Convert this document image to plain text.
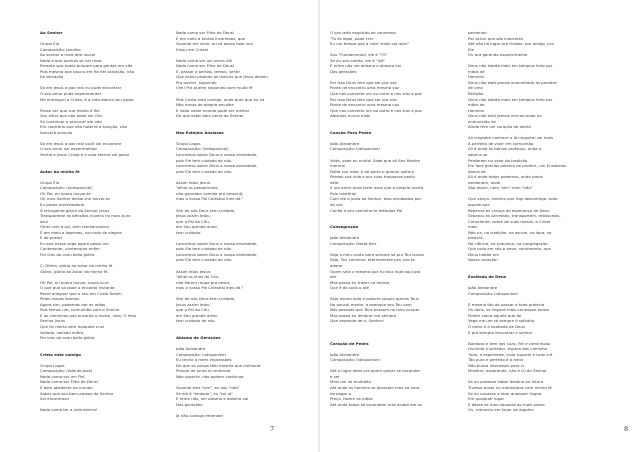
Ao Senhor
Grupo Élo
Composição: Jandiho
Ao senhor a mais alto louvor
Nada a que queiras se ver mais
Perante que todos buscam para gentes em vão
Pois mesmo que pouco em Ho fiel salvação, não
há salvação
Só em Jesus a paz real eu pude encontrar
O seu amor pude experimentar
Me entreguei a Cristo, é a vida eterna sou gozar
Posso ver que sua Hóstia é fiel
Vou olhar que não pode ser Céu
Se continuar a procurar em vão
Em contrário que não hoterra a solução, não
houverá solução
Só em Jesus a paz real você vai encontrar
O seu amor vai experimentar
Venha a Jesus Cristo e a vida eterna vai gozar
Autor da minha fé
Grupo Élo
Composição: (Indisponível)
Oh Pai, eu quero louvar-te
Oh meu Senhor deixar-me louvar-te
Eu posso mereciadorar
A reluzgente glória do Senhor Jesus
Transparente as bênçãos nuvens no mais puro
azul
Olhei com o sol, sem reerkencidora,
É em meio a lágrimas, surrindo de alegria
E de prazer
Eu que nesse sego agora posso ver
Contemplar, contemplar enfim
Por trás do ceou bello glória
C: Glória, glória ao autor da minha fé
Glória, glória ao Autor da minha fé.
Oh Pai, eu quero louvar, louvá-lo-ei
O que que só pode o encanto instante
Revel aneguar que o seu em Cristo Salem
Pelas mesas ânimas
Agora sim, podemos dar as mãos
Pois temos um, comunhão com o Senhor
E os caminhos que encanta a morte, vida, O meu
Senhor Jesus
Que foi morto sem maquela cruz
Vallade, vallada enfim,
Por trás do ceou bello glória
Cristo está comigo
Grupo Logos
Composição: (Adauto José)
Nada como ser um Fiel
Nada como ser Filho de Deus!
E bem obedecer ao mundo
Saber que sou bem-ambas do Senhor
Sei encontrasn
Nada como ter a vida eterna!
Nada como ser Filho de Deus!
E em meio a tantas incertezas, que
Quando me sinto, eu só posso falar seu
Estou em Cristo!
Nada como ser um servo útil
Nada como ser Filho de Deus!
E, passar a perdas, temos, sentir
Que estou pisando as marcas que Jesus deixou
Pro querer, seguindo
Vim! Pra querer seguindo com muita fé
Pois Cristo está comigo, onde quer que eu vá
Não havas de alegria encolhe
E nada neste mundo pode ser melhor
Do que estar bem perto do Senhor
Não Estejais Ansiosos
Grupo Logos
Composição: (Indisponível)
Lancemos sobre Deus a nossa ansiedade,
pois Ele tem cuidado de nós.
Lancemos sobre Deus a nossa ansiedade,
pois Ele tem cuidado de nós.
Assim falou Jesus:
"olhai as passarinhas,
não guardam comida pra amanhã,
mas o vosso Pai Celestial lhes dá."
Sim de nós Deus tem cuidado,
Jesus assim falou,
que o Pai do Céu,
em Seu grande amor,
tem cuidado.
Lancemos sobre Deus a nossa ansiedade,
pois Ele tem cuidado de nós.
Lancemos sobre Deus a nossa ansiedade,
pois Ele tem cuidado de nós.
Assim falou Jesus:
"olhai os lírios do Céu,
não fiarem roupa pra vestir,
mas o vosso Pai Celestial lhes dá."
Sim de nós Deus tem cuidado,
Jesus assim falou,
que o Pai do Céu,
em Seu grande amor,
tem cuidado de nós.
Abismo de Gerações
João Alexandre
Composição: Indisponível
Eu tenho a mem impressões
De que as coisas têm mesmo que melhorar
Porque de junto eu entendo
Não suporta, não podem continuar
Quando eles "sim", eu sou "não"
Se ele é "embalo", eu "tal lá"
E entre nós, um abismo e abismo vai
Das gerações
Já não consigo entender
7
O seu jeito esquisito de conversar
"Tu és legal, pode crer
Eu um tempo que a vida "mais vai rolar"
Sou "Fundamental, ele é "TS"
Se eu sou careta, ele é "ijiã"
E entre nós um abismo o abismo vai
Das gerações
Por isso Deus tem que ser pra nós
Ponte de encontro uma mesma voz
Que nos converte um ao outro e nos traz a paz
Por isso Deus tem que ser pra nós
Ponte de encontro uma mesma voz
Que nos converte um ao outro e nos traz a paz
Abismos nunca mais
Canção Para Pedro
João Alexandre
Composição: Indisponível
Volta, sabe eu muito! Sabe que ali Seu Mestre
morreu!
Deita sua mão, e de perto o quanto sofreu!
Perdeu sua vida e por suas fraquezas pediu
dele.
E um amor mais forte mais que a própria morte,
Pelo mistério!
Com ela o justo ao Senhor, elos perdoados por
de vez
Confia a seu caminho te métodos Pai
Consagração
João Alexandre
Composição: Marta Kerr
Seja o meu canto para sempre só pro Teu louvor
Seja, Teu caminho, eternamente pra, pra te
adorar
Quem seja o mesmo que tu teus hoje aqui pra
dar
Mas possa eu trazer na mente,
Que é do sues o até
Seja minha vida a palavra saquis queres Teus
No poucal mente, o exemplo seu Teu vem
Nas pessoas que Teus possam na meu ocupar
Mas possa eu lembrar me sempre
Que depende de ti, Senhor!
Coração de Pedra
João Alexandre
Composição: Indisponível
Até o lugar ideal pra quem quiser se esconder
e ser
Mais um na multidão
Até onde os homens se abraçam mas na hora
de pagar o
Preço, fazem as mãos
Até onde todos se escondem mas acaba em se
perdendo
Por achar que são inocentes
Até não há lugar pra fraldas, pra amigo, pra
Ele
Ou pra gerando esquecimento
Deus não habita mais em templos feito por
mãos de
Homens
Deus não está jamais aconreitado as paredes
de uma
Religião
Deus não habita mais em templos feito por
mãos de
Homens
Deus não está jamais encracurado no
endurecido de
Ainda fere um coração de pedra
Ali ninguém conhece o lá ninguém vai mais
A perfeito de viver em comunhão
Ali é onde os barcos profanos, onde o
sabeus se
Perderam no valor da tradição
Em face graciás palavra de proferir, um Eusebinas
donos de
Ali é onde todos podemos, onde todos
perderiam, onde
São assim, nem "sim" nem "não"
Que vença, menino que fugi descarrega, tudo
aquele que
Repensa as crença da esperança de Deus
Separou as correntes, transportem, rebuscelos,
Consciente, sobre de suas mesas, a Cristo
mais
Não na, na tradição, na escola, na lapa, na
palavra,
Na ciência, na natureza, na congregação
Que tudo em nós o amor, sentimento, que
Deus habite em
Nosso coração!
Exaltada de Deus
João Alexandre
Composição: Indisponível
É mesmo tão de passar e toda profecia
Os dons, os línguas mais cariosque existe
Porém como aquele que foi
Vega me um só sempre é solitário
O amor é a exaltada de Deus
E pra sempre encontrar o senhor
Bondoso e tem nas suas, fiel e caminhoso
Humilde e sofredor, espera das caminho
Tudo, e esperiente, tudo suporta e tudo crê
Tão puro e perfeito é o amor
Não busca interesses para si
Mistério, esperando, não é cú do Senhor
Se eu pudesse saber destino ou futuro
Tivesse ouser no montanhas com minha fé
Se eu ousasse a falar qualquer língua
Em qualquer lugar
E desse as mas riquezas ao mais pobre
Ou, mereceu em favor de alguém
8
